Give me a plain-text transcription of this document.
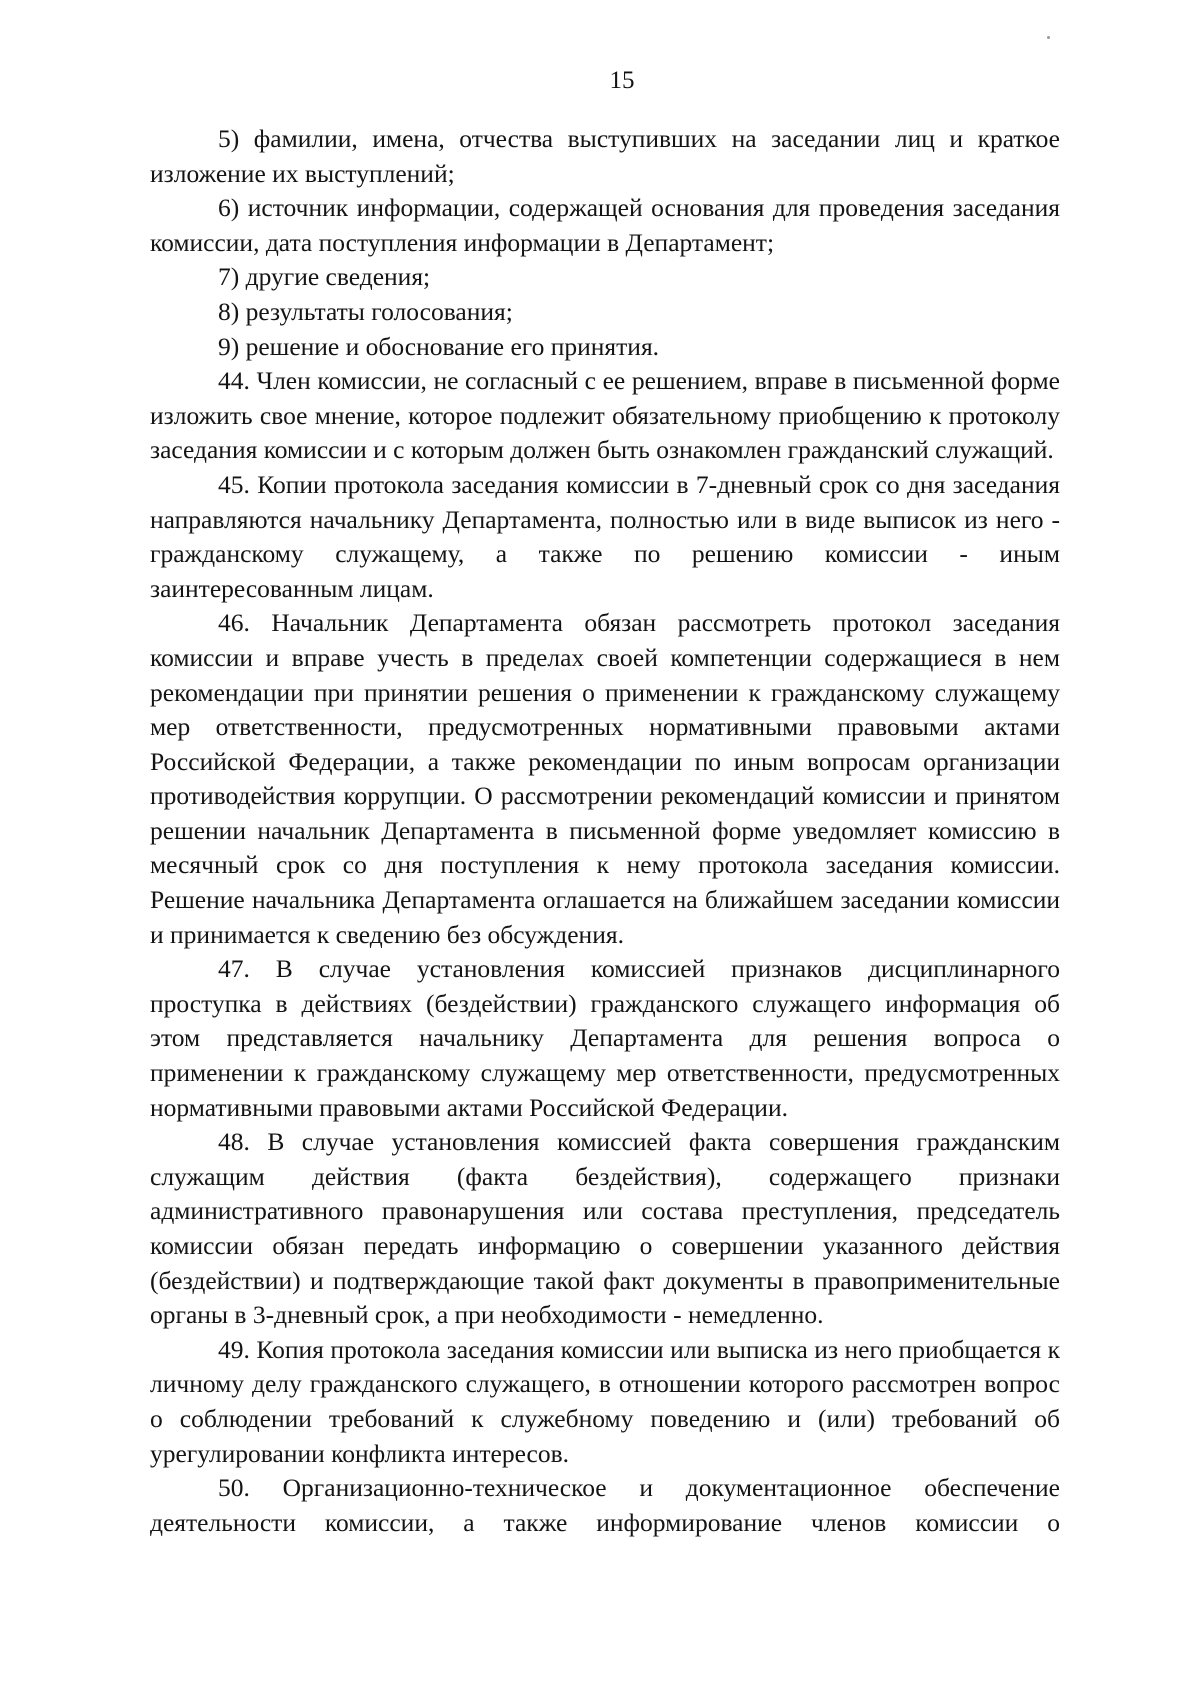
15

5) фамилии, имена, отчества выступивших на заседании лиц и краткое изложение их выступлений;

6) источник информации, содержащей основания для проведения заседания комиссии, дата поступления информации в Департамент;

7) другие сведения;

8) результаты голосования;

9) решение и обоснование его принятия.

44. Член комиссии, не согласный с ее решением, вправе в письменной форме изложить свое мнение, которое подлежит обязательному приобщению к протоколу заседания комиссии и с которым должен быть ознакомлен гражданский служащий.

45. Копии протокола заседания комиссии в 7-дневный срок со дня заседания направляются начальнику Департамента, полностью или в виде выписок из него - гражданскому служащему, а также по решению комиссии - иным заинтересованным лицам.

46. Начальник Департамента обязан рассмотреть протокол заседания комиссии и вправе учесть в пределах своей компетенции содержащиеся в нем рекомендации при принятии решения о применении к гражданскому служащему мер ответственности, предусмотренных нормативными правовыми актами Российской Федерации, а также рекомендации по иным вопросам организации противодействия коррупции. О рассмотрении рекомендаций комиссии и принятом решении начальник Департамента в письменной форме уведомляет комиссию в месячный срок со дня поступления к нему протокола заседания комиссии. Решение начальника Департамента оглашается на ближайшем заседании комиссии и принимается к сведению без обсуждения.

47. В случае установления комиссией признаков дисциплинарного проступка в действиях (бездействии) гражданского служащего информация об этом представляется начальнику Департамента для решения вопроса о применении к гражданскому служащему мер ответственности, предусмотренных нормативными правовыми актами Российской Федерации.

48. В случае установления комиссией факта совершения гражданским служащим действия (факта бездействия), содержащего признаки административного правонарушения или состава преступления, председатель комиссии обязан передать информацию о совершении указанного действия (бездействии) и подтверждающие такой факт документы в правоприменительные органы в 3-дневный срок, а при необходимости - немедленно.

49. Копия протокола заседания комиссии или выписка из него приобщается к личному делу гражданского служащего, в отношении которого рассмотрен вопрос о соблюдении требований к служебному поведению и (или) требований об урегулировании конфликта интересов.

50. Организационно-техническое и документационное обеспечение деятельности комиссии, а также информирование членов комиссии о
